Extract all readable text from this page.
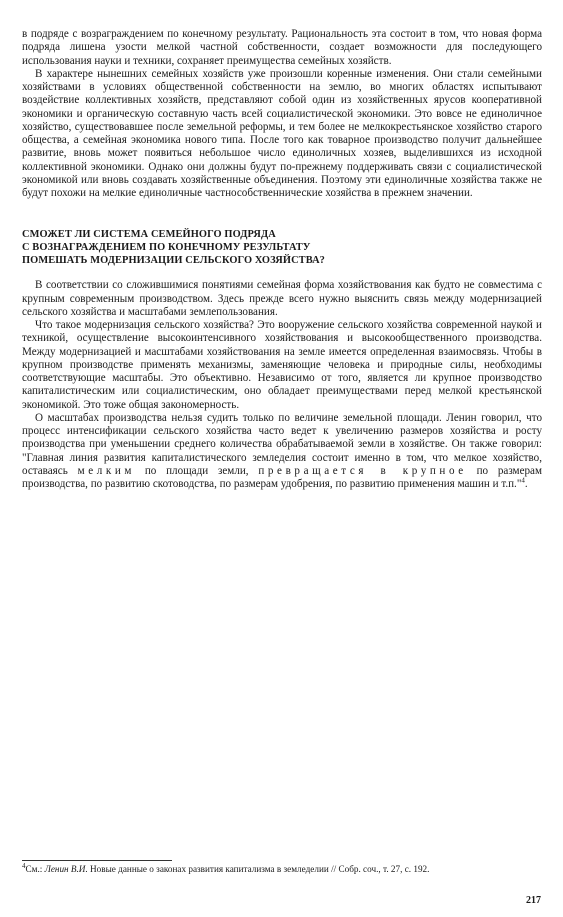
в подряде с возраграждением по конечному результату. Рациональность эта состоит в том, что новая форма подряда лишена узости мелкой частной собственности, создает возможности для последующего использования науки и техники, сохраняет преимущества семейных хозяйств.

В характере нынешних семейных хозяйств уже произошли коренные изменения. Они стали семейными хозяйствами в условиях общественной собственности на землю, во многих областях испытывают воздействие коллективных хозяйств, представляют собой один из хозяйственных ярусов кооперативной экономики и органическую составную часть всей социалистической экономики. Это вовсе не единоличное хозяйство, существовавшее после земельной реформы, и тем более не мелкокрестьянское хозяйство старого общества, а семейная экономика нового типа. После того как товарное производство получит дальнейшее развитие, вновь может появиться небольшое число единоличных хозяев, выделившихся из исходной коллективной экономики. Однако они должны будут по-прежнему поддерживать связи с социалистической экономикой или вновь создавать хозяйственные объединения. Поэтому эти единоличные хозяйства также не будут похожи на мелкие единоличные частнособственнические хозяйства в прежнем значении.

СМОЖЕТ ЛИ СИСТЕМА СЕМЕЙНОГО ПОДРЯДА
С ВОЗНАГРАЖДЕНИЕМ ПО КОНЕЧНОМУ РЕЗУЛЬТАТУ
ПОМЕШАТЬ МОДЕРНИЗАЦИИ СЕЛЬСКОГО ХОЗЯЙСТВА?

В соответствии со сложившимися понятиями семейная форма хозяйствования как будто не совместима с крупным современным производством. Здесь прежде всего нужно выяснить связь между модернизацией сельского хозяйства и масштабами землепользования.

Что такое модернизация сельского хозяйства? Это вооружение сельского хозяйства современной наукой и техникой, осуществление высокоинтенсивного хозяйствования и высокообщественного производства. Между модернизацией и масштабами хозяйствования на земле имеется определенная взаимосвязь. Чтобы в крупном производстве применять механизмы, заменяющие человека и природные силы, необходимы соответствующие масштабы. Это объективно. Независимо от того, является ли крупное производство капиталистическим или социалистическим, оно обладает преимуществами перед мелкой крестьянской экономикой. Это тоже общая закономерность.

О масштабах производства нельзя судить только по величине земельной площади. Ленин говорил, что процесс интенсификации сельского хозяйства часто ведет к увеличению размеров хозяйства и росту производства при уменьшении среднего количества обрабатываемой земли в хозяйстве. Он также говорил: "Главная линия развития капиталистического земледелия состоит именно в том, что мелкое хозяйство, оставаясь мелким по площади земли, превращается в крупное по размерам производства, по развитию скотоводства, по размерам удобрения, по развитию применения машин и т.п."$^4$.

$^4$См.: Ленин В.И. Новые данные о законах развития капитализма в земледелии // Собр. соч., т. 27, с. 192.
217
